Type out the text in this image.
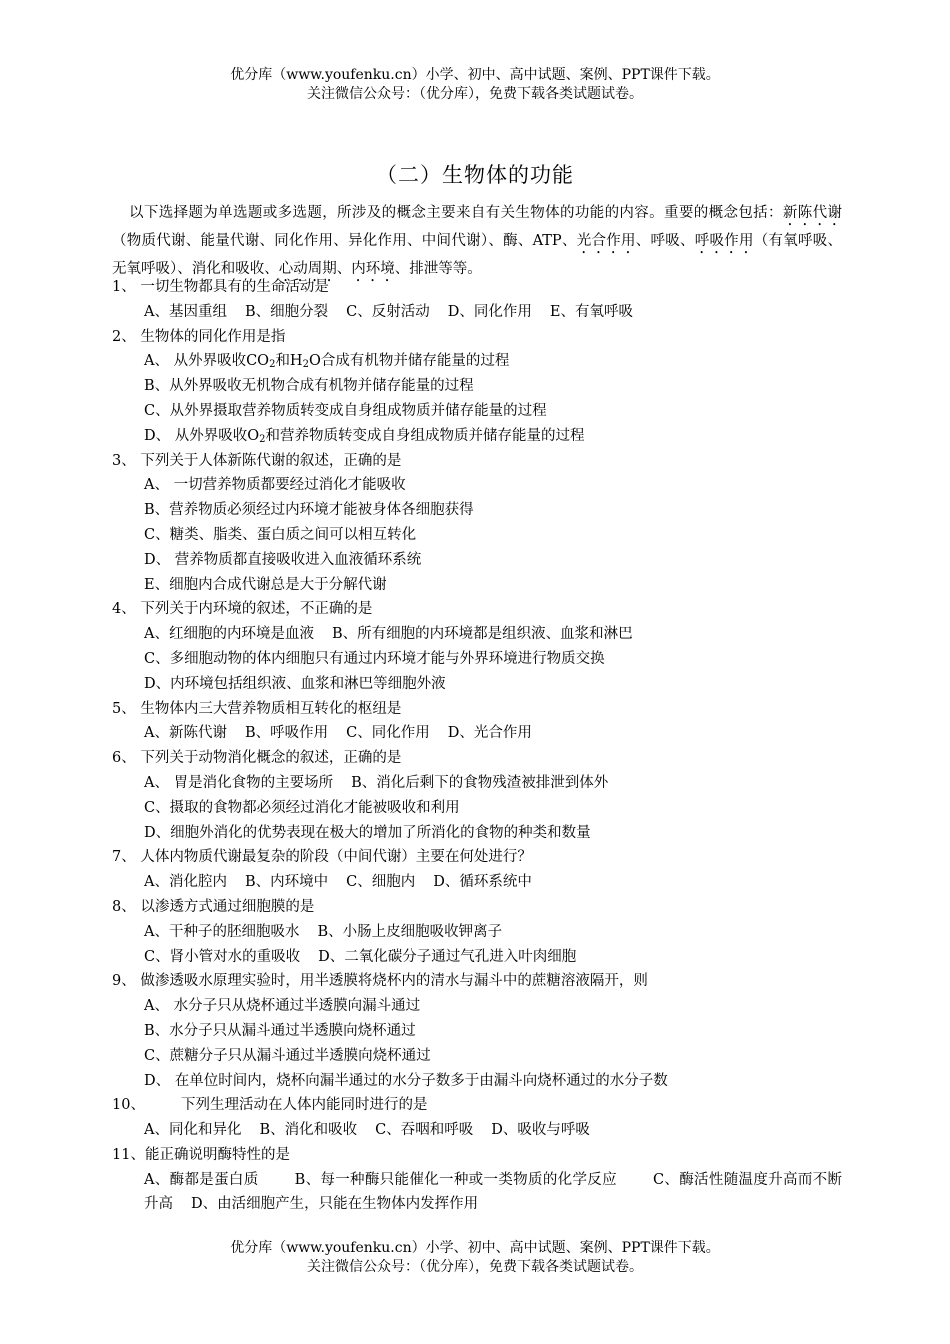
优分库（www.youfenku.cn）小学、初中、高中试题、案例、PPT课件下载。
关注微信公众号：（优分库），免费下载各类试题试卷。
（二）生物体的功能

以下选择题为单选题或多选题，所涉及的概念主要来自有关生物体的功能的内容。重要的概念包括：新陈代谢（物质代谢、能量代谢、同化作用、异化作用、中间代谢）、酶、ATP、光合作用、呼吸、呼吸作用（有氧呼吸、无氧呼吸）、消化和吸收、心动周期、内环境、排泄等等。

1、 一切生物都具有的生命活动是
A、基因重组 B、细胞分裂 C、反射活动 D、同化作用 E、有氧呼吸
2、 生物体的同化作用是指
A、 从外界吸收$CO_2$和$H_2O$合成有机物并储存能量的过程
B、从外界吸收无机物合成有机物并储存能量的过程
C、从外界摄取营养物质转变成自身组成物质并储存能量的过程
D、 从外界吸收$O_2$和营养物质转变成自身组成物质并储存能量的过程
3、 下列关于人体新陈代谢的叙述，正确的是
A、 一切营养物质都要经过消化才能吸收
B、营养物质必须经过内环境才能被身体各细胞获得
C、糖类、脂类、蛋白质之间可以相互转化
D、 营养物质都直接吸收进入血液循环系统
E、细胞内合成代谢总是大于分解代谢
4、 下列关于内环境的叙述，不正确的是
A、红细胞的内环境是血液 B、所有细胞的内环境都是组织液、血浆和淋巴
C、多细胞动物的体内细胞只有通过内环境才能与外界环境进行物质交换
D、内环境包括组织液、血浆和淋巴等细胞外液
5、 生物体内三大营养物质相互转化的枢纽是
A、新陈代谢 B、呼吸作用 C、同化作用 D、光合作用
6、 下列关于动物消化概念的叙述，正确的是
A、 胃是消化食物的主要场所 B、消化后剩下的食物残渣被排泄到体外
C、摄取的食物都必须经过消化才能被吸收和利用
D、细胞外消化的优势表现在极大的增加了所消化的食物的种类和数量
7、 人体内物质代谢最复杂的阶段（中间代谢）主要在何处进行？
A、消化腔内 B、内环境中 C、细胞内 D、循环系统中
8、 以渗透方式通过细胞膜的是
A、干种子的胚细胞吸水 B、小肠上皮细胞吸收钾离子
C、肾小管对水的重吸收 D、二氧化碳分子通过气孔进入叶肉细胞
9、 做渗透吸水原理实验时，用半透膜将烧杯内的清水与漏斗中的蔗糖溶液隔开，则
A、 水分子只从烧杯通过半透膜向漏斗通过
B、水分子只从漏斗通过半透膜向烧杯通过
C、蔗糖分子只从漏斗通过半透膜向烧杯通过
D、 在单位时间内，烧杯向漏半通过的水分子数多于由漏斗向烧杯通过的水分子数
10、 下列生理活动在人体内能同时进行的是
A、同化和异化 B、消化和吸收 C、吞咽和呼吸 D、吸收与呼吸
11、能正确说明酶特性的是
A、酶都是蛋白质 B、每一种酶只能催化一种或一类物质的化学反应 C、酶活性随温度升高而不断升高 D、由活细胞产生，只能在生物体内发挥作用
优分库（www.youfenku.cn）小学、初中、高中试题、案例、PPT课件下载。
关注微信公众号：（优分库），免费下载各类试题试卷。
